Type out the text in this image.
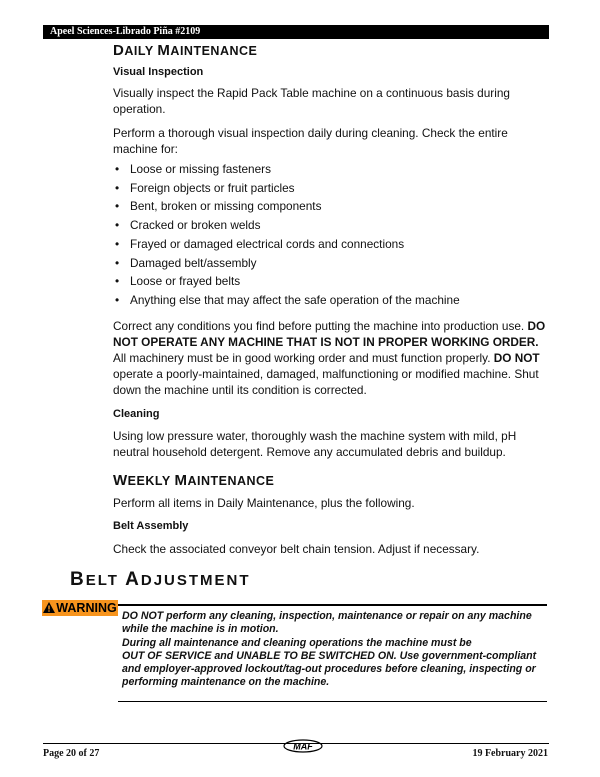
Apeel Sciences-Librado Piña #2109
DAILY MAINTENANCE

Visual Inspection

Visually inspect the Rapid Pack Table machine on a continuous basis during operation.

Perform a thorough visual inspection daily during cleaning. Check the entire machine for:

• Loose or missing fasteners
• Foreign objects or fruit particles
• Bent, broken or missing components
• Cracked or broken welds
• Frayed or damaged electrical cords and connections
• Damaged belt/assembly
• Loose or frayed belts
• Anything else that may affect the safe operation of the machine

Correct any conditions you find before putting the machine into production use. DO NOT OPERATE ANY MACHINE THAT IS NOT IN PROPER WORKING ORDER. All machinery must be in good working order and must function properly. DO NOT operate a poorly-maintained, damaged, malfunctioning or modified machine. Shut down the machine until its condition is corrected.

Cleaning

Using low pressure water, thoroughly wash the machine system with mild, pH neutral household detergent. Remove any accumulated debris and buildup.

WEEKLY MAINTENANCE

Perform all items in Daily Maintenance, plus the following.

Belt Assembly

Check the associated conveyor belt chain tension. Adjust if necessary.

BELT ADJUSTMENT
WARNING
DO NOT perform any cleaning, inspection, maintenance or repair on any machine while the machine is in motion.
During all maintenance and cleaning operations the machine must be
OUT OF SERVICE and UNABLE TO BE SWITCHED ON. Use government-compliant and employer-approved lockout/tag-out procedures before cleaning, inspecting or performing maintenance on the machine.
Page 20 of 27
MAF
19 February 2021
